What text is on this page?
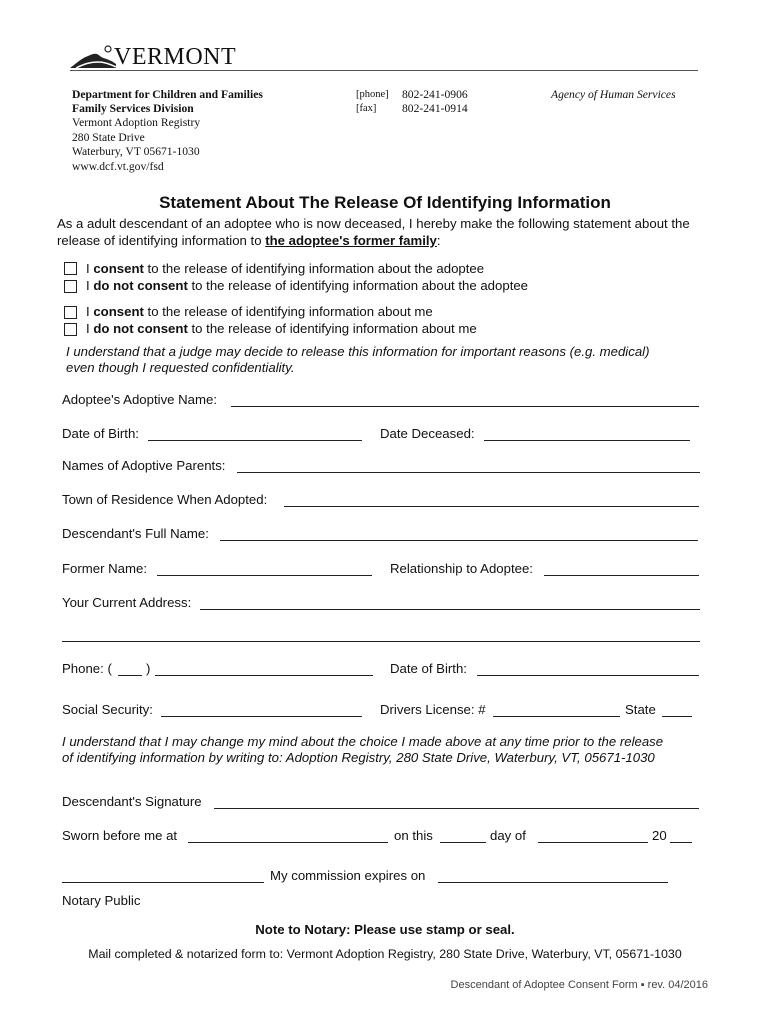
VERMONT
Department for Children and Families
Family Services Division
Vermont Adoption Registry
280 State Drive
Waterbury, VT 05671-1030
www.dcf.vt.gov/fsd
[phone] 802-241-0906
[fax] 802-241-0914
Agency of Human Services
Statement About The Release Of Identifying Information
As a adult descendant of an adoptee who is now deceased, I hereby make the following statement about the
release of identifying information to the adoptee's former family:
I consent to the release of identifying information about the adoptee
I do not consent to the release of identifying information about the adoptee
I consent to the release of identifying information about me
I do not consent to the release of identifying information about me
I understand that a judge may decide to release this information for important reasons (e.g. medical)
even though I requested confidentiality.
Adoptee's Adoptive Name:
Date of Birth:	Date Deceased:
Names of Adoptive Parents:
Town of Residence When Adopted:
Descendant's Full Name:
Former Name:	Relationship to Adoptee:
Your Current Address:
Phone: (	)	Date of Birth:
Social Security:	Drivers License: #	State
I understand that I may change my mind about the choice I made above at any time prior to the release
of identifying information by writing to: Adoption Registry, 280 State Drive, Waterbury, VT, 05671-1030
Descendant's Signature
Sworn before me at	on this	day of	20
My commission expires on
Notary Public
Note to Notary: Please use stamp or seal.
Mail completed & notarized form to: Vermont Adoption Registry, 280 State Drive, Waterbury, VT, 05671-1030
Descendant of Adoptee Consent Form ▪ rev. 04/2016
